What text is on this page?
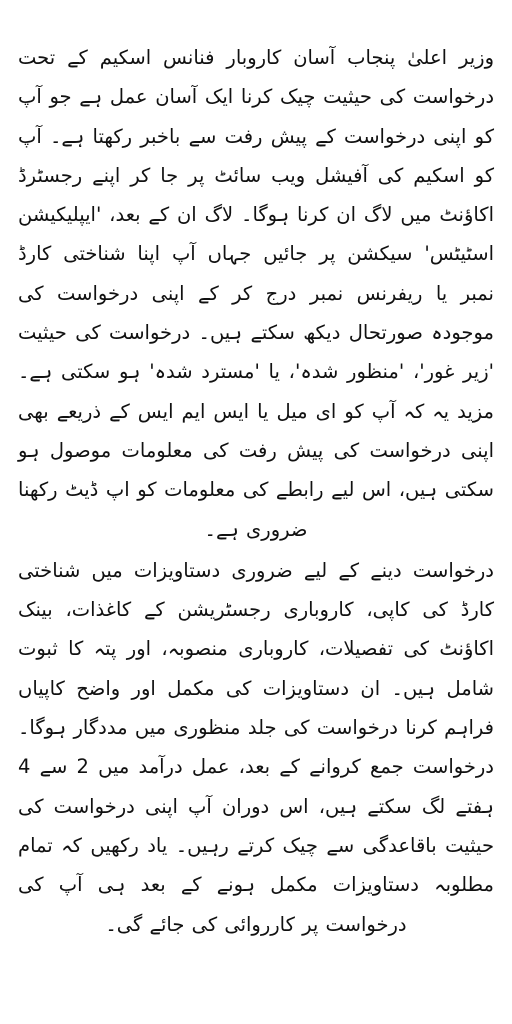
وزیر اعلیٰ پنجاب آسان کاروبار فنانس اسکیم کے تحت درخواست کی حیثیت چیک کرنا ایک آسان عمل ہے جو آپ کو اپنی درخواست کے پیش رفت سے باخبر رکھتا ہے۔ آپ کو اسکیم کی آفیشل ویب سائٹ پر جا کر اپنے رجسٹرڈ اکاؤنٹ میں لاگ ان کرنا ہوگا۔ لاگ ان کے بعد، 'ایپلیکیشن اسٹیٹس' سیکشن پر جائیں جہاں آپ اپنا شناختی کارڈ نمبر یا ریفرنس نمبر درج کر کے اپنی درخواست کی موجودہ صورتحال دیکھ سکتے ہیں۔ درخواست کی حیثیت 'زیر غور'، 'منظور شدہ'، یا 'مسترد شدہ' ہو سکتی ہے۔ مزید یہ کہ آپ کو ای میل یا ایس ایم ایس کے ذریعے بھی اپنی درخواست کی پیش رفت کی معلومات موصول ہو سکتی ہیں، اس لیے رابطے کی معلومات کو اپ ڈیٹ رکھنا ضروری ہے۔

درخواست دینے کے لیے ضروری دستاویزات میں شناختی کارڈ کی کاپی، کاروباری رجسٹریشن کے کاغذات، بینک اکاؤنٹ کی تفصیلات، کاروباری منصوبہ، اور پتہ کا ثبوت شامل ہیں۔ ان دستاویزات کی مکمل اور واضح کاپیاں فراہم کرنا درخواست کی جلد منظوری میں مددگار ہوگا۔ درخواست جمع کروانے کے بعد، عمل درآمد میں 2 سے 4 ہفتے لگ سکتے ہیں، اس دوران آپ اپنی درخواست کی حیثیت باقاعدگی سے چیک کرتے رہیں۔ یاد رکھیں کہ تمام مطلوبہ دستاویزات مکمل ہونے کے بعد ہی آپ کی درخواست پر کارروائی کی جائے گی۔
